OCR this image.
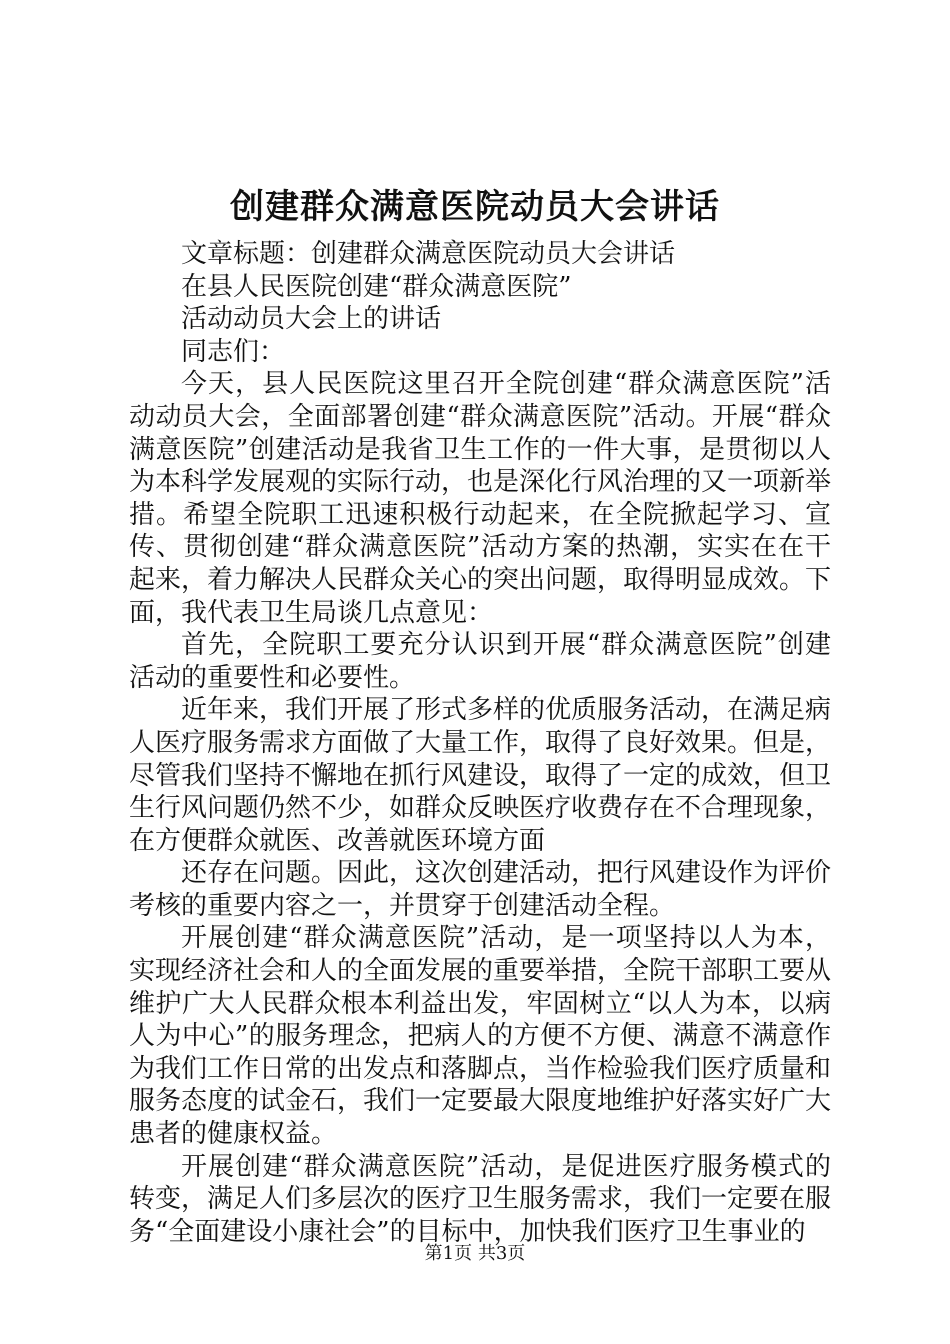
创建群众满意医院动员大会讲话

文章标题：创建群众满意医院动员大会讲话

在县人民医院创建“群众满意医院”

活动动员大会上的讲话

同志们：

今天，县人民医院这里召开全院创建“群众满意医院”活动动员大会，全面部署创建“群众满意医院”活动。开展“群众满意医院”创建活动是我省卫生工作的一件大事，是贯彻以人为本科学发展观的实际行动，也是深化行风治理的又一项新举措。希望全院职工迅速积极行动起来，在全院掀起学习、宣传、贯彻创建“群众满意医院”活动方案的热潮，实实在在干起来，着力解决人民群众关心的突出问题，取得明显成效。下面，我代表卫生局谈几点意见：

首先，全院职工要充分认识到开展“群众满意医院”创建活动的重要性和必要性。

近年来，我们开展了形式多样的优质服务活动，在满足病人医疗服务需求方面做了大量工作，取得了良好效果。但是，尽管我们坚持不懈地在抓行风建设，取得了一定的成效，但卫生行风问题仍然不少，如群众反映医疗收费存在不合理现象，在方便群众就医、改善就医环境方面

还存在问题。因此，这次创建活动，把行风建设作为评价考核的重要内容之一，并贯穿于创建活动全程。

开展创建“群众满意医院”活动，是一项坚持以人为本，实现经济社会和人的全面发展的重要举措，全院干部职工要从维护广大人民群众根本利益出发，牢固树立“以人为本，以病人为中心”的服务理念，把病人的方便不方便、满意不满意作为我们工作日常的出发点和落脚点，当作检验我们医疗质量和服务态度的试金石，我们一定要最大限度地维护好落实好广大患者的健康权益。

开展创建“群众满意医院”活动，是促进医疗服务模式的转变，满足人们多层次的医疗卫生服务需求，我们一定要在服务“全面建设小康社会”的目标中，加快我们医疗卫生事业的

第1页 共3页
